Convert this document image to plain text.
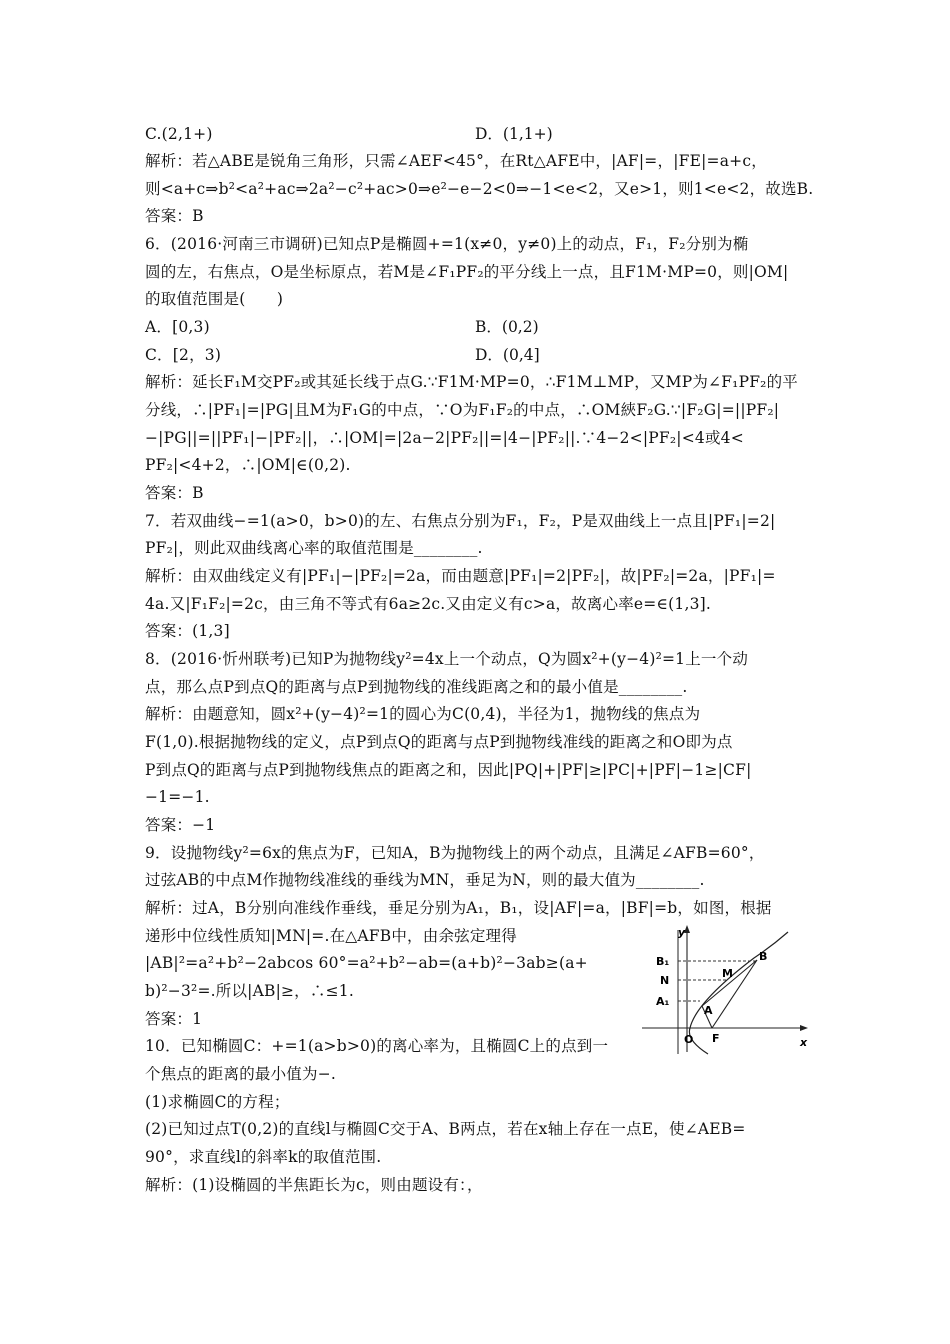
C.(2,1+)	D．(1,1+)
解析：若△ABE是锐角三角形，只需∠AEF<45°，在Rt△AFE中，|AF|=，|FE|=a+c，
则<a+c⇒b²<a²+ac⇒2a²−c²+ac>0⇒e²−e−2<0⇒−1<e<2，又e>1，则1<e<2，故选B.
答案：B
6．(2016·河南三市调研)已知点P是椭圆+=1(x≠0，y≠0)上的动点，F₁，F₂分别为椭
圆的左，右焦点，O是坐标原点，若M是∠F₁PF₂的平分线上一点，且F1M·MP=0，则|OM|
的取值范围是(　　)
A．[0,3)	B．(0,2)
C．[2，3)	D．(0,4]
解析：延长F₁M交PF₂或其延长线于点G.∵F1M·MP=0，∴F1M⊥MP，又MP为∠F₁PF₂的平
分线，∴|PF₁|=|PG|且M为F₁G的中点，∵O为F₁F₂的中点，∴OM綊F₂G.∵|F₂G|=||PF₂|
−|PG||=||PF₁|−|PF₂||，∴|OM|=|2a−2|PF₂||=|4−|PF₂||.∵4−2<|PF₂|<4或4<
PF₂|<4+2，∴|OM|∈(0,2).
答案：B
7．若双曲线−=1(a>0，b>0)的左、右焦点分别为F₁，F₂，P是双曲线上一点且|PF₁|=2|
PF₂|，则此双曲线离心率的取值范围是________.
解析：由双曲线定义有|PF₁|−|PF₂|=2a，而由题意|PF₁|=2|PF₂|，故|PF₂|=2a，|PF₁|=
4a.又|F₁F₂|=2c，由三角不等式有6a≥2c.又由定义有c>a，故离心率e=∈(1,3].
答案：(1,3]
8．(2016·忻州联考)已知P为抛物线y²=4x上一个动点，Q为圆x²+(y−4)²=1上一个动
点，那么点P到点Q的距离与点P到抛物线的准线距离之和的最小值是________.
解析：由题意知，圆x²+(y−4)²=1的圆心为C(0,4)，半径为1，抛物线的焦点为
F(1,0).根据抛物线的定义，点P到点Q的距离与点P到抛物线准线的距离之和O即为点
P到点Q的距离与点P到抛物线焦点的距离之和，因此|PQ|+|PF|≥|PC|+|PF|−1≥|CF|
−1=−1.
答案：−1
9．设抛物线y²=6x的焦点为F，已知A，B为抛物线上的两个动点，且满足∠AFB=60°，
过弦AB的中点M作抛物线准线的垂线为MN，垂足为N，则的最大值为________.
解析：过A，B分别向准线作垂线，垂足分别为A₁，B₁，设|AF|=a，|BF|=b，如图，根据
递形中位线性质知|MN|=.在△AFB中，由余弦定理得
|AB|²=a²+b²−2abcos 60°=a²+b²−ab=(a+b)²−3ab≥(a+
b)²−3²=.所以|AB|≥，∴≤1.
答案：1
10．已知椭圆C：+=1(a>b>0)的离心率为，且椭圆C上的点到一
个焦点的距离的最小值为−.
(1)求椭圆C的方程；
(2)已知过点T(0,2)的直线l与椭圆C交于A、B两点，若在x轴上存在一点E，使∠AEB=
90°，求直线l的斜率k的取值范围.
解析：(1)设椭圆的半焦距长为c，则由题设有：，
y
x
B₁	B
M
N
A₁
A
O F
